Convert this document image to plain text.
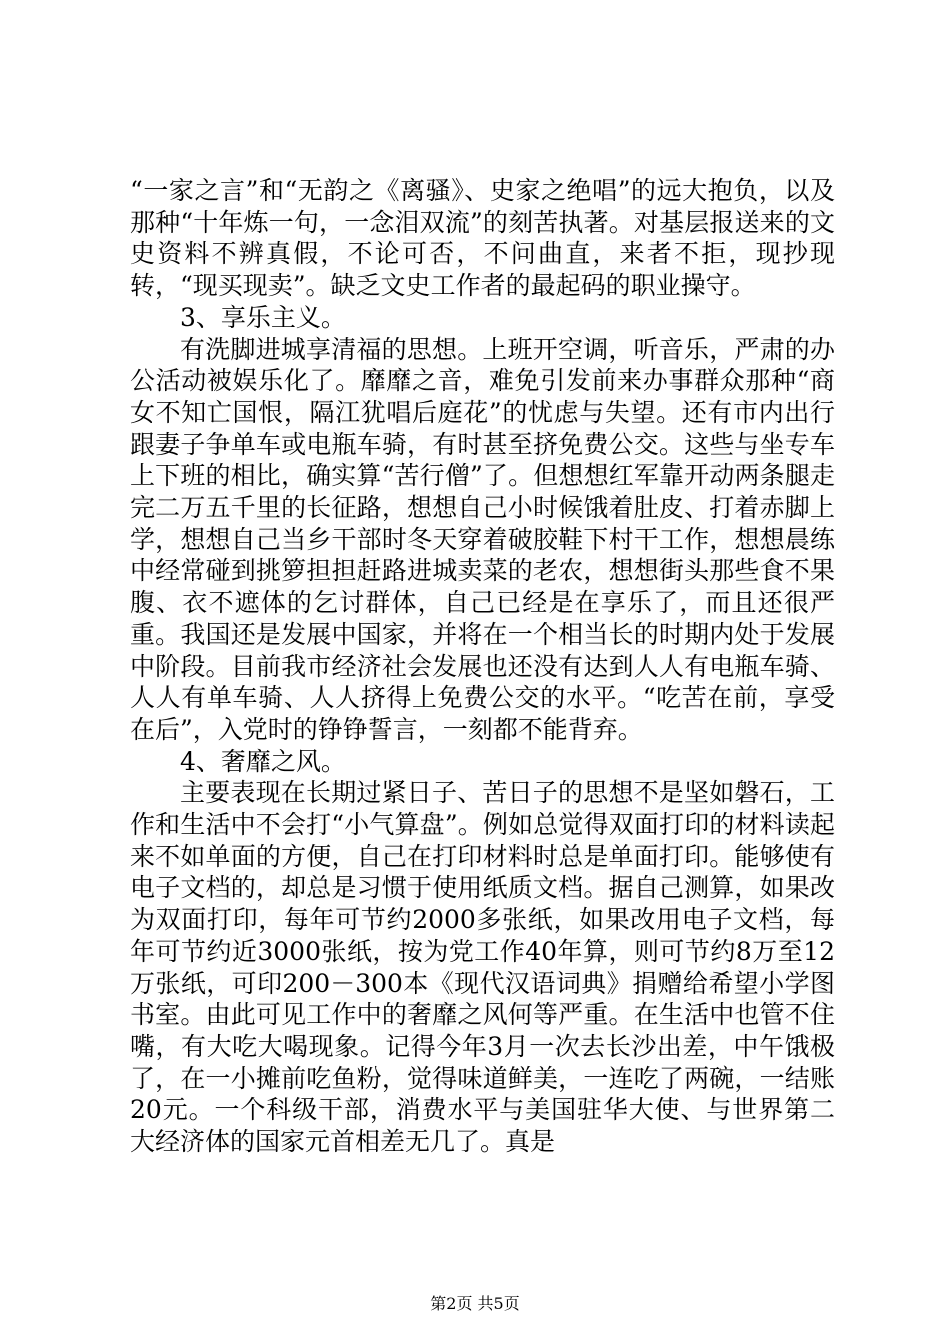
“一家之言”和“无韵之《离骚》、史家之绝唱”的远大抱负，以及那种“十年炼一句，一念泪双流”的刻苦执著。对基层报送来的文史资料不辨真假，不论可否，不问曲直，来者不拒，现抄现转，“现买现卖”。缺乏文史工作者的最起码的职业操守。

3、享乐主义。

有洗脚进城享清福的思想。上班开空调，听音乐，严肃的办公活动被娱乐化了。靡靡之音，难免引发前来办事群众那种“商女不知亡国恨，隔江犹唱后庭花”的忧虑与失望。还有市内出行跟妻子争单车或电瓶车骑，有时甚至挤免费公交。这些与坐专车上下班的相比，确实算“苦行僧”了。但想想红军靠开动两条腿走完二万五千里的长征路，想想自己小时候饿着肚皮、打着赤脚上学，想想自己当乡干部时冬天穿着破胶鞋下村干工作，想想晨练中经常碰到挑箩担担赶路进城卖菜的老农，想想街头那些食不果腹、衣不遮体的乞讨群体，自己已经是在享乐了，而且还很严重。我国还是发展中国家，并将在一个相当长的时期内处于发展中阶段。目前我市经济社会发展也还没有达到人人有电瓶车骑、人人有单车骑、人人挤得上免费公交的水平。“吃苦在前，享受在后”，入党时的铮铮誓言，一刻都不能背弃。

4、奢靡之风。

主要表现在长期过紧日子、苦日子的思想不是坚如磐石，工作和生活中不会打“小气算盘”。例如总觉得双面打印的材料读起来不如单面的方便，自己在打印材料时总是单面打印。能够使有电子文档的，却总是习惯于使用纸质文档。据自己测算，如果改为双面打印，每年可节约2000多张纸，如果改用电子文档，每年可节约近3000张纸，按为党工作40年算，则可节约8万至12万张纸，可印200－300本《现代汉语词典》捐赠给希望小学图书室。由此可见工作中的奢靡之风何等严重。在生活中也管不住嘴，有大吃大喝现象。记得今年3月一次去长沙出差，中午饿极了，在一小摊前吃鱼粉，觉得味道鲜美，一连吃了两碗，一结账20元。一个科级干部，消费水平与美国驻华大使、与世界第二大经济体的国家元首相差无几了。真是

第2页 共5页
